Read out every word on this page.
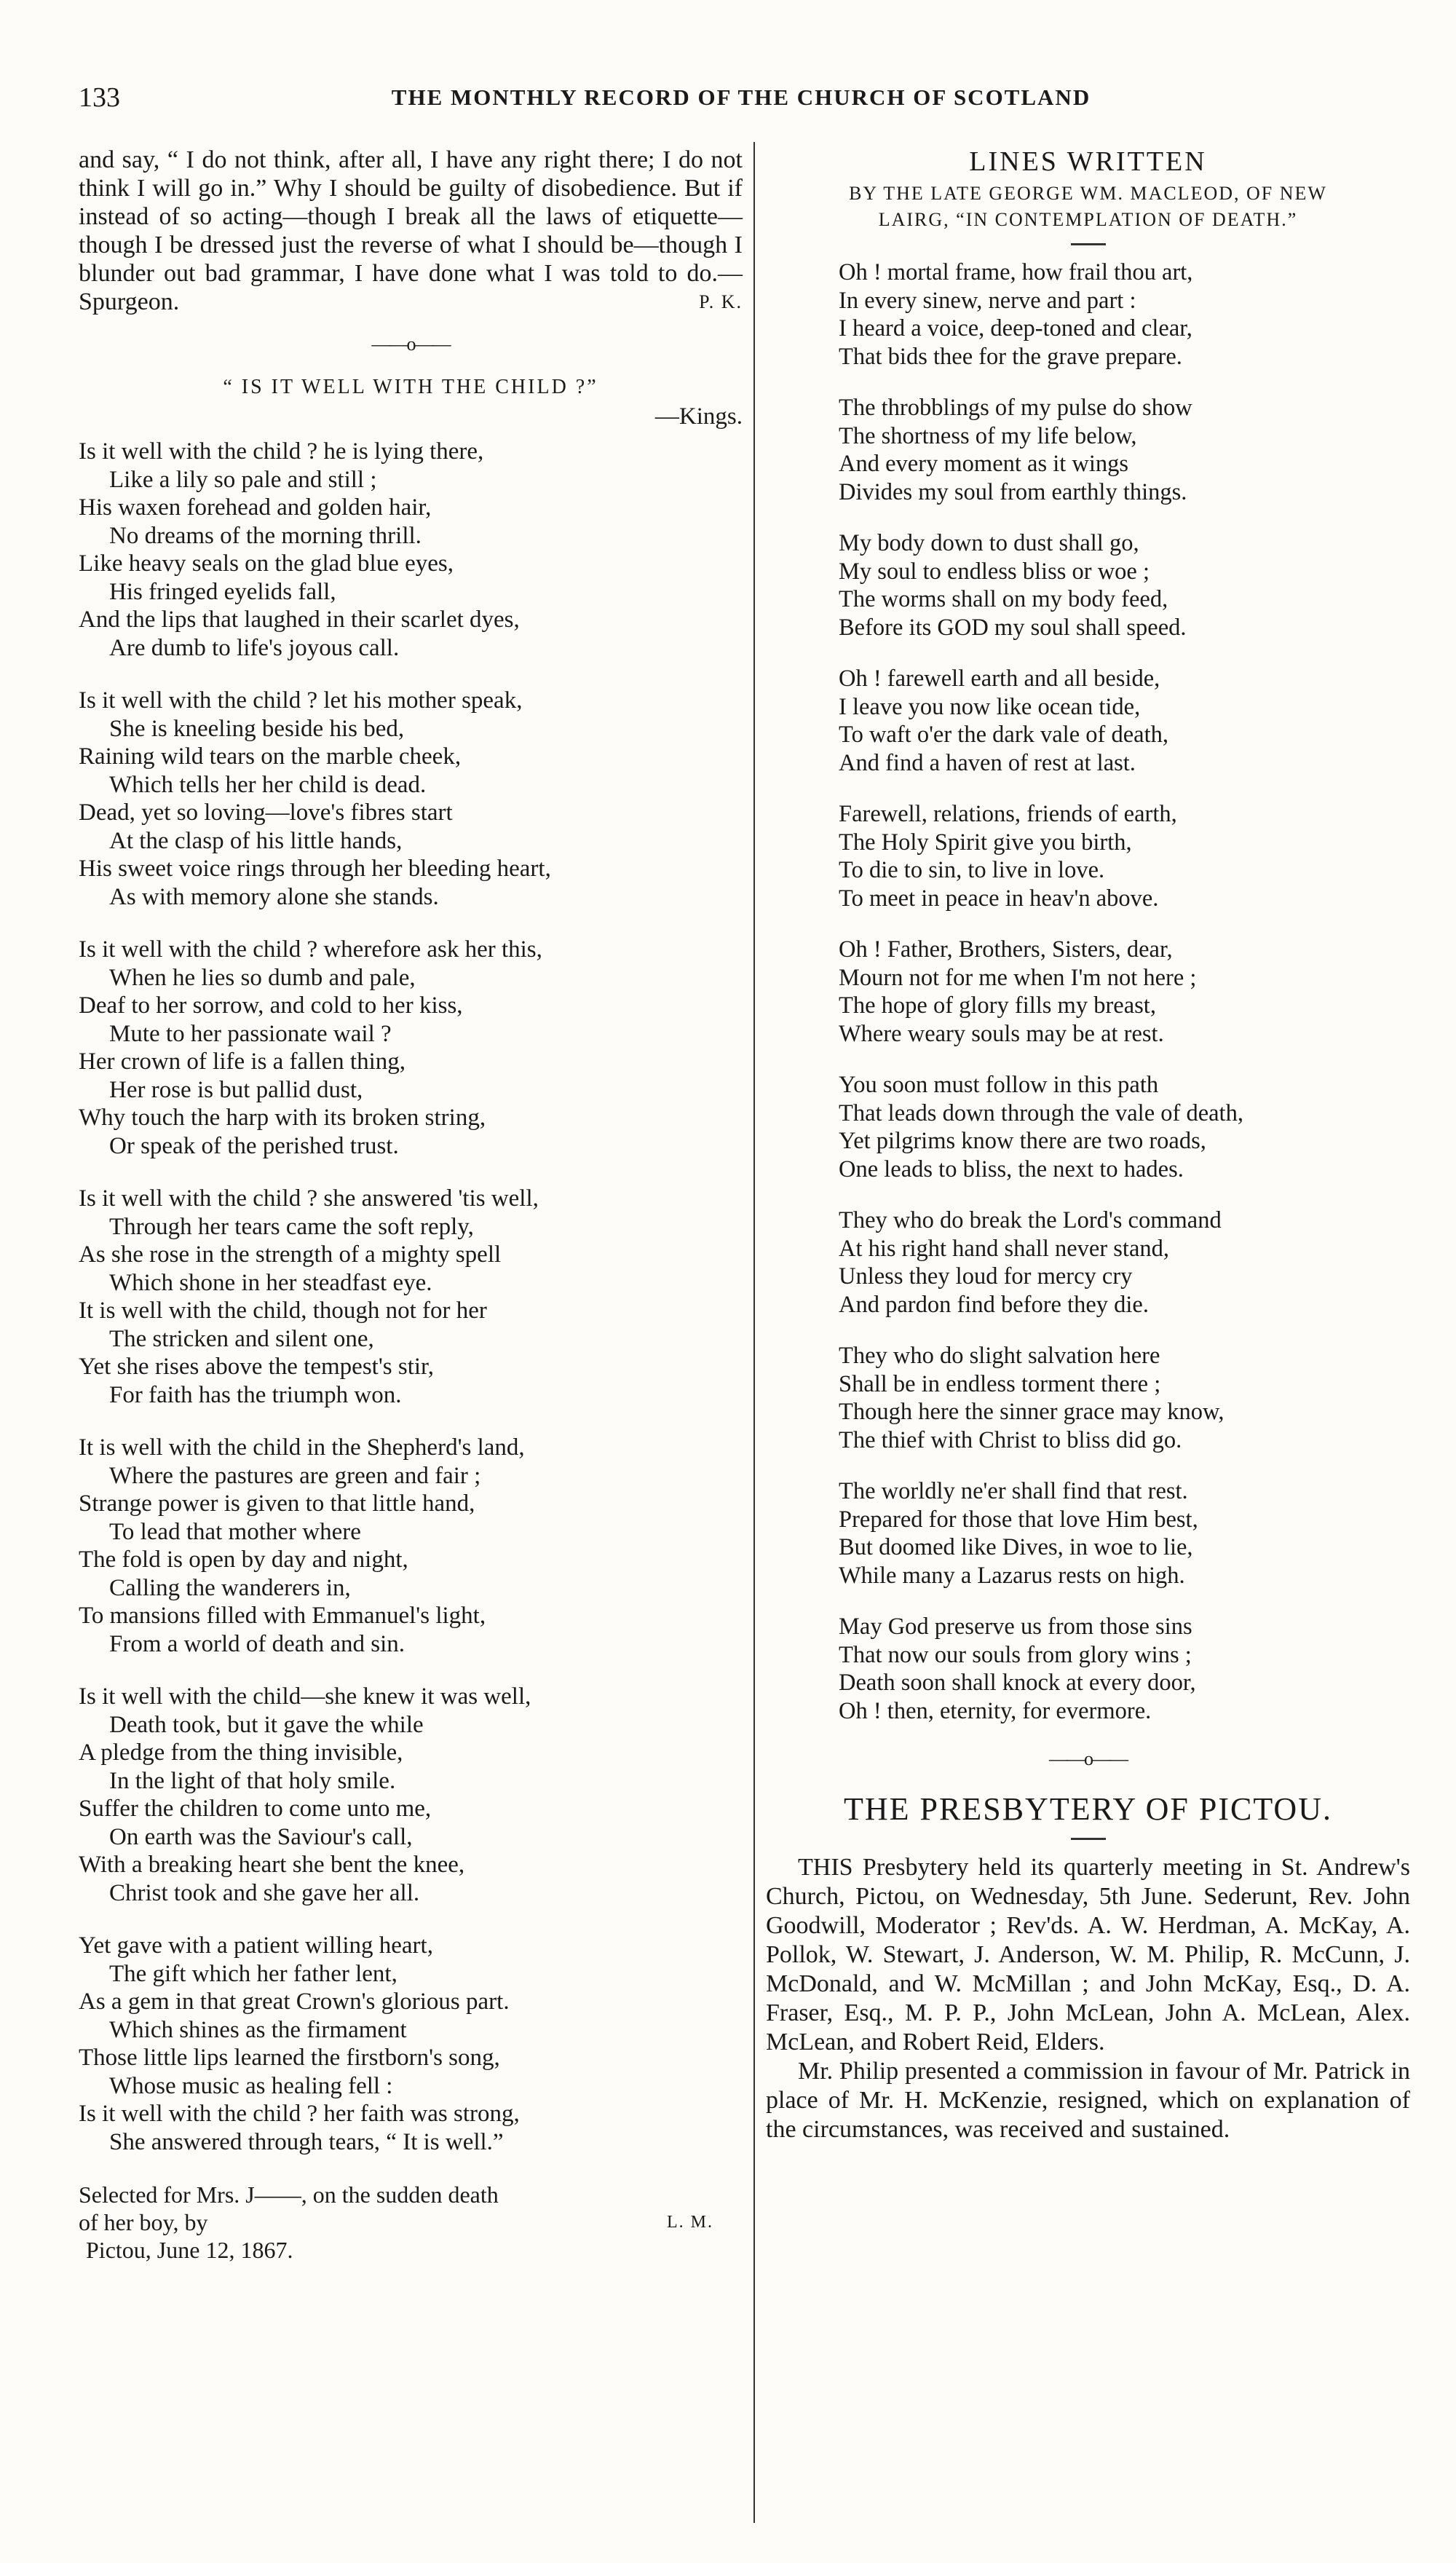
133	THE MONTHLY RECORD OF THE CHURCH OF SCOTLAND

and say, “ I do not think, after all, I have any right there; I do not think I will go in.” Why I should be guilty of disobedience. But if instead of so acting—though I break all the laws of etiquette—though I be dressed just the reverse of what I should be—though I blunder out bad grammar, I have done what I was told to do.—Spurgeon.	P. K.

——o——
“ IS IT WELL WITH THE CHILD ?”
—Kings.
Is it well with the child ? he is lying there,
Like a lily so pale and still ;
His waxen forehead and golden hair,
No dreams of the morning thrill.
Like heavy seals on the glad blue eyes,
His fringed eyelids fall,
And the lips that laughed in their scarlet dyes,
Are dumb to life's joyous call.
Is it well with the child ? let his mother speak,
She is kneeling beside his bed,
Raining wild tears on the marble cheek,
Which tells her her child is dead.
Dead, yet so loving—love's fibres start
At the clasp of his little hands,
His sweet voice rings through her bleeding heart,
As with memory alone she stands.
Is it well with the child ? wherefore ask her this,
When he lies so dumb and pale,
Deaf to her sorrow, and cold to her kiss,
Mute to her passionate wail ?
Her crown of life is a fallen thing,
Her rose is but pallid dust,
Why touch the harp with its broken string,
Or speak of the perished trust.
Is it well with the child ? she answered 'tis well,
Through her tears came the soft reply,
As she rose in the strength of a mighty spell
Which shone in her steadfast eye.
It is well with the child, though not for her
The stricken and silent one,
Yet she rises above the tempest's stir,
For faith has the triumph won.
It is well with the child in the Shepherd's land,
Where the pastures are green and fair ;
Strange power is given to that little hand,
To lead that mother where
The fold is open by day and night,
Calling the wanderers in,
To mansions filled with Emmanuel's light,
From a world of death and sin.
Is it well with the child—she knew it was well,
Death took, but it gave the while
A pledge from the thing invisible,
In the light of that holy smile.
Suffer the children to come unto me,
On earth was the Saviour's call,
With a breaking heart she bent the knee,
Christ took and she gave her all.
Yet gave with a patient willing heart,
The gift which her father lent,
As a gem in that great Crown's glorious part.
Which shines as the firmament
Those little lips learned the firstborn's song,
Whose music as healing fell :
Is it well with the child ? her faith was strong,
She answered through tears, “ It is well.”
Selected for Mrs. J——, on the sudden death
of her boy, by	L. M.
Pictou, June 12, 1867.
LINES WRITTEN
BY THE LATE GEORGE WM. MACLEOD, OF NEW
LAIRG, “IN CONTEMPLATION OF DEATH.”
Oh ! mortal frame, how frail thou art,
In every sinew, nerve and part :
I heard a voice, deep-toned and clear,
That bids thee for the grave prepare.
The throbblings of my pulse do show
The shortness of my life below,
And every moment as it wings
Divides my soul from earthly things.
My body down to dust shall go,
My soul to endless bliss or woe ;
The worms shall on my body feed,
Before its GOD my soul shall speed.
Oh ! farewell earth and all beside,
I leave you now like ocean tide,
To waft o'er the dark vale of death,
And find a haven of rest at last.
Farewell, relations, friends of earth,
The Holy Spirit give you birth,
To die to sin, to live in love.
To meet in peace in heav'n above.
Oh ! Father, Brothers, Sisters, dear,
Mourn not for me when I'm not here ;
The hope of glory fills my breast,
Where weary souls may be at rest.
You soon must follow in this path
That leads down through the vale of death,
Yet pilgrims know there are two roads,
One leads to bliss, the next to hades.
They who do break the Lord's command
At his right hand shall never stand,
Unless they loud for mercy cry
And pardon find before they die.
They who do slight salvation here
Shall be in endless torment there ;
Though here the sinner grace may know,
The thief with Christ to bliss did go.
The worldly ne'er shall find that rest.
Prepared for those that love Him best,
But doomed like Dives, in woe to lie,
While many a Lazarus rests on high.
May God preserve us from those sins
That now our souls from glory wins ;
Death soon shall knock at every door,
Oh ! then, eternity, for evermore.
——o——
THE PRESBYTERY OF PICTOU.

THIS Presbytery held its quarterly meeting in St. Andrew's Church, Pictou, on Wednesday, 5th June. Sederunt, Rev. John Goodwill, Moderator ; Rev'ds. A. W. Herdman, A. McKay, A. Pollok, W. Stewart, J. Anderson, W. M. Philip, R. McCunn, J. McDonald, and W. McMillan ; and John McKay, Esq., D. A. Fraser, Esq., M. P. P., John McLean, John A. McLean, Alex. McLean, and Robert Reid, Elders.

Mr. Philip presented a commission in favour of Mr. Patrick in place of Mr. H. McKenzie, resigned, which on explanation of the circumstances, was received and sustained.
